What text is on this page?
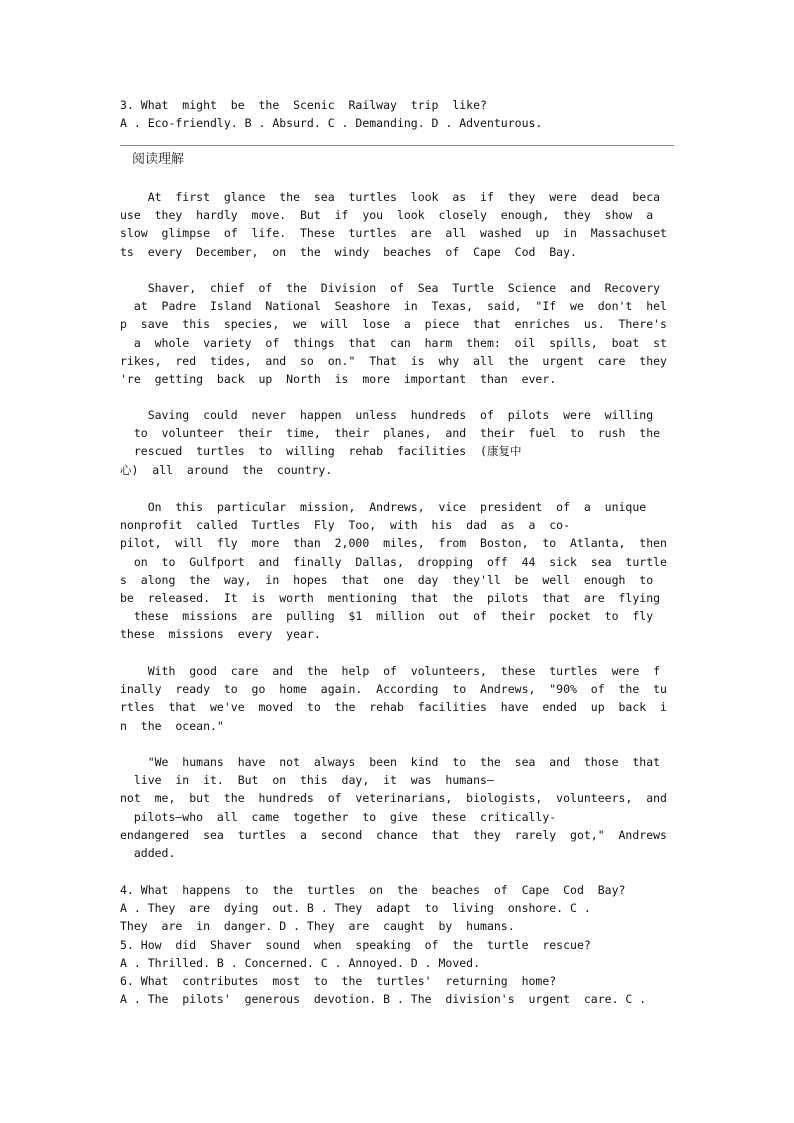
3. What  might  be  the  Scenic  Railway  trip  like?
A . Eco-friendly. B . Absurd. C . Demanding. D . Adventurous.
阅读理解
At  first  glance  the  sea  turtles  look  as  if  they  were  dead  beca
use  they  hardly  move.  But  if  you  look  closely  enough,  they  show  a
slow  glimpse  of  life.  These  turtles  are  all  washed  up  in  Massachuset
ts  every  December,  on  the  windy  beaches  of  Cape  Cod  Bay.
Shaver,  chief  of  the  Division  of  Sea  Turtle  Science  and  Recovery
at  Padre  Island  National  Seashore  in  Texas,  said,  "If  we  don't  hel
p  save  this  species,  we  will  lose  a  piece  that  enriches  us.  There's
a  whole  variety  of  things  that  can  harm  them:  oil  spills,  boat  st
rikes,  red  tides,  and  so  on."  That  is  why  all  the  urgent  care  they
're  getting  back  up  North  is  more  important  than  ever.
Saving  could  never  happen  unless  hundreds  of  pilots  were  willing
to  volunteer  their  time,  their  planes,  and  their  fuel  to  rush  the
rescued  turtles  to  willing  rehab  facilities  (康复中
心)  all  around  the  country.
On  this  particular  mission,  Andrews,  vice  president  of  a  unique
nonprofit  called  Turtles  Fly  Too,  with  his  dad  as  a  co-
pilot,  will  fly  more  than  2,000  miles,  from  Boston,  to  Atlanta,  then
on  to  Gulfport  and  finally  Dallas,  dropping  off  44  sick  sea  turtle
s  along  the  way,  in  hopes  that  one  day  they'll  be  well  enough  to
be  released.  It  is  worth  mentioning  that  the  pilots  that  are  flying
these  missions  are  pulling  $1  million  out  of  their  pocket  to  fly
these  missions  every  year.
With  good  care  and  the  help  of  volunteers,  these  turtles  were  f
inally  ready  to  go  home  again.  According  to  Andrews,  "90%  of  the  tu
rtles  that  we've  moved  to  the  rehab  facilities  have  ended  up  back  i
n  the  ocean."
"We  humans  have  not  always  been  kind  to  the  sea  and  those  that
live  in  it.  But  on  this  day,  it  was  humans—
not  me,  but  the  hundreds  of  veterinarians,  biologists,  volunteers,  and
pilots—who  all  came  together  to  give  these  critically-
endangered  sea  turtles  a  second  chance  that  they  rarely  got,"  Andrews
added.
4. What  happens  to  the  turtles  on  the  beaches  of  Cape  Cod  Bay?
A . They  are  dying  out. B . They  adapt  to  living  onshore. C .
They  are  in  danger. D . They  are  caught  by  humans.
5. How  did  Shaver  sound  when  speaking  of  the  turtle  rescue?
A . Thrilled. B . Concerned. C . Annoyed. D . Moved.
6. What  contributes  most  to  the  turtles'  returning  home?
A . The  pilots'  generous  devotion. B . The  division's  urgent  care. C .
